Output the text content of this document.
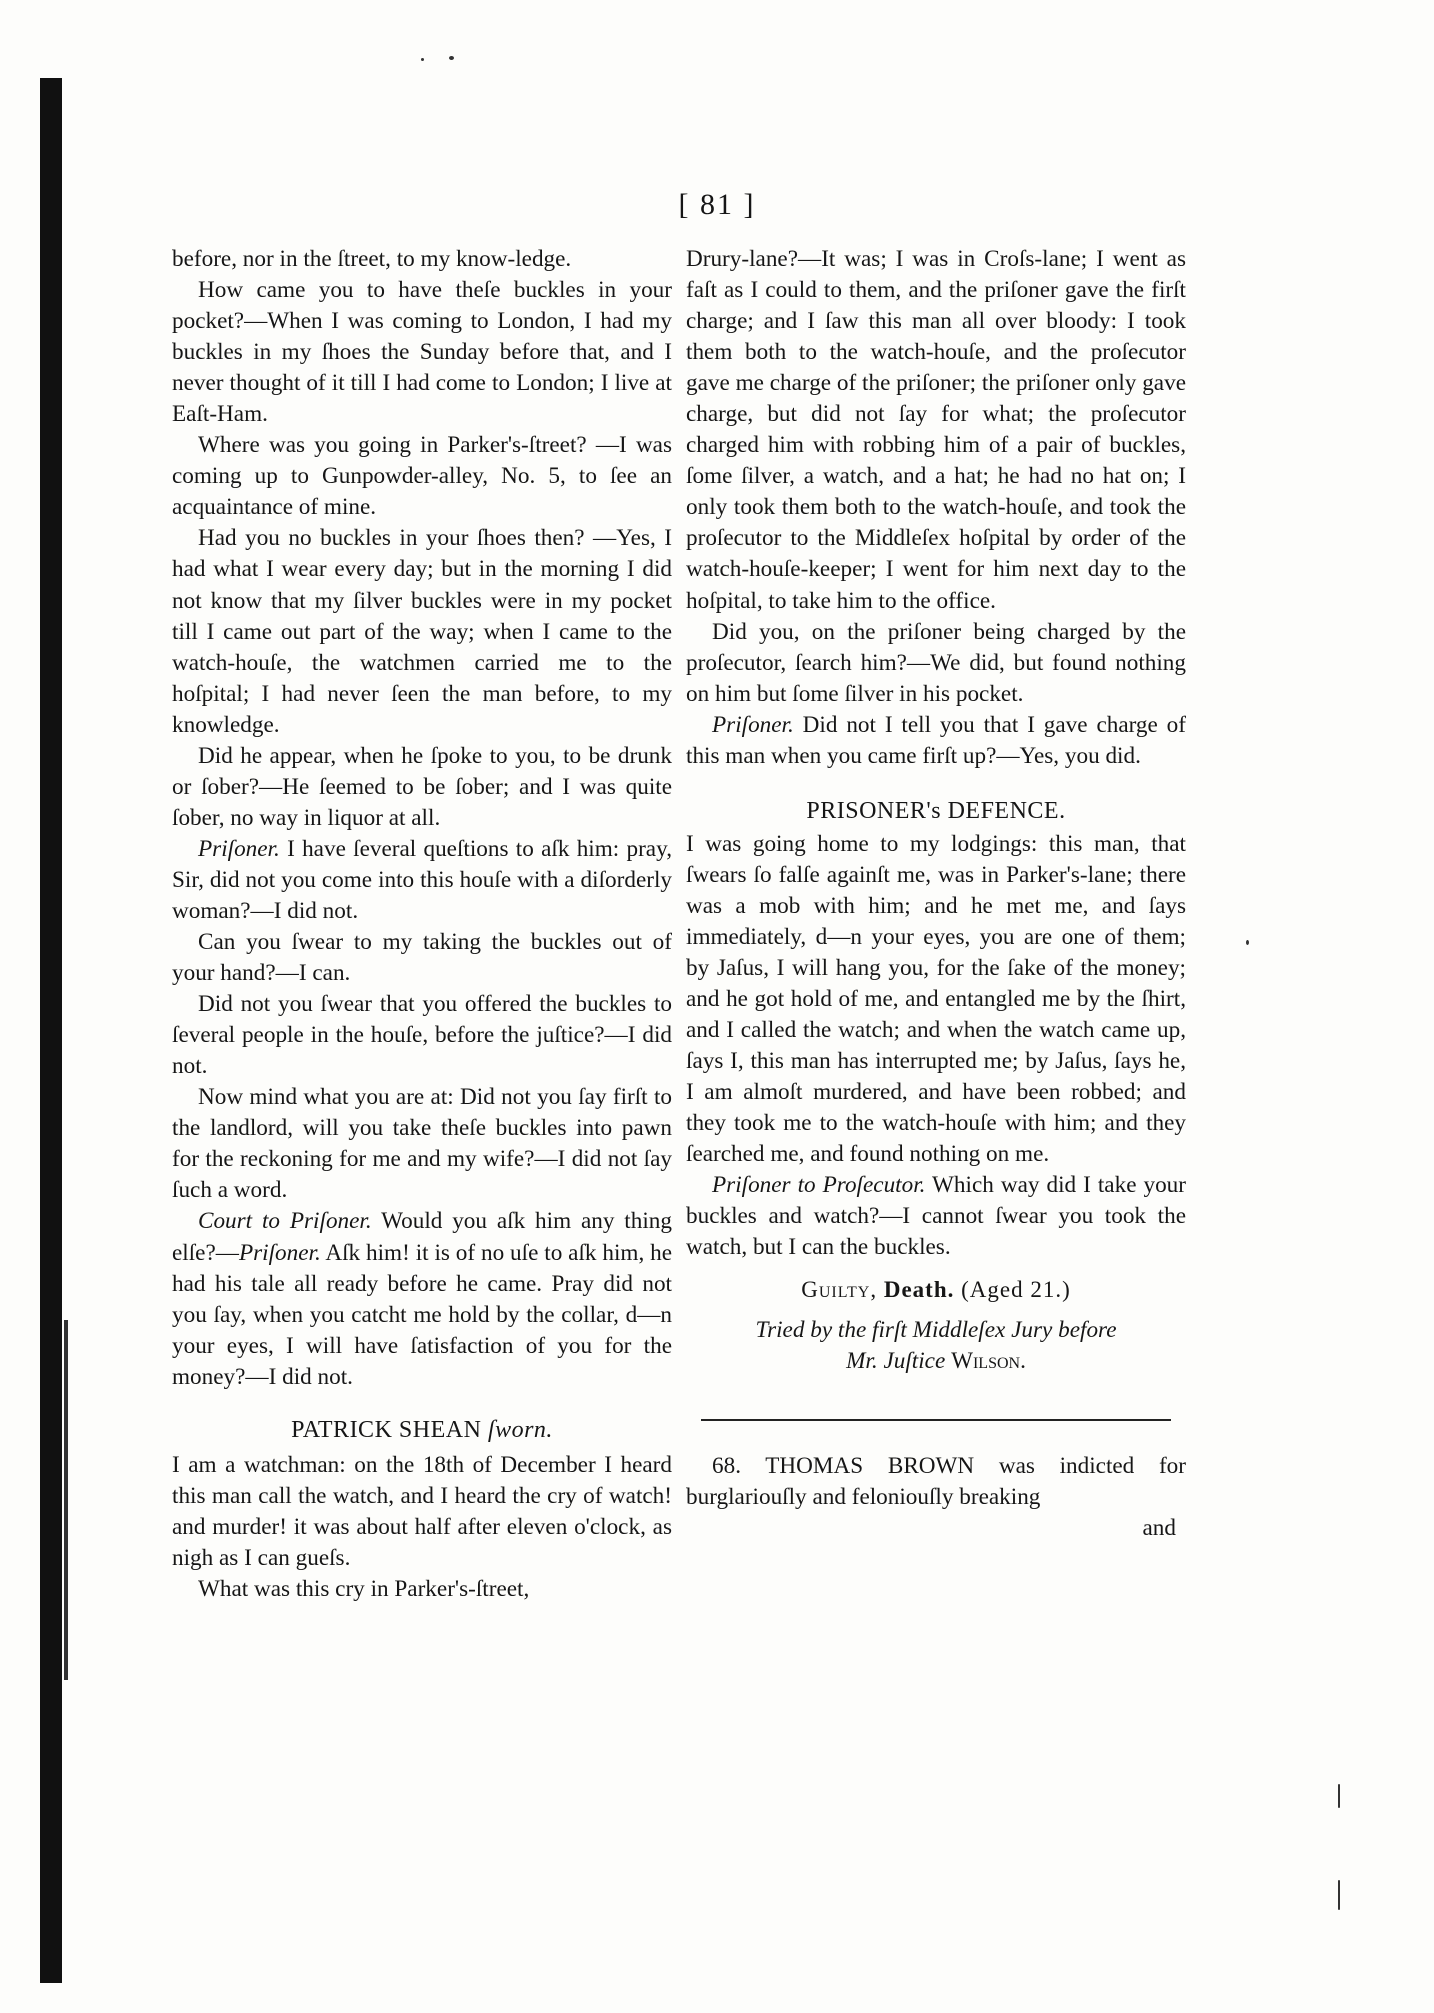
[ 81 ]

before, nor in the ſtreet, to my know-ledge.

How came you to have theſe buckles in your pocket?—When I was coming to London, I had my buckles in my ſhoes the Sunday before that, and I never thought of it till I had come to London; I live at Eaſt-Ham.

Where was you going in Parker's-ſtreet? —I was coming up to Gunpowder-alley, No. 5, to ſee an acquaintance of mine.

Had you no buckles in your ſhoes then? —Yes, I had what I wear every day; but in the morning I did not know that my ſilver buckles were in my pocket till I came out part of the way; when I came to the watch-houſe, the watchmen carried me to the hoſpital; I had never ſeen the man before, to my knowledge.

Did he appear, when he ſpoke to you, to be drunk or ſober?—He ſeemed to be ſober; and I was quite ſober, no way in liquor at all.

Priſoner. I have ſeveral queſtions to aſk him: pray, Sir, did not you come into this houſe with a diſorderly woman?—I did not.

Can you ſwear to my taking the buckles out of your hand?—I can.

Did not you ſwear that you offered the buckles to ſeveral people in the houſe, before the juſtice?—I did not.

Now mind what you are at: Did not you ſay firſt to the landlord, will you take theſe buckles into pawn for the reckoning for me and my wife?—I did not ſay ſuch a word.

Court to Priſoner. Would you aſk him any thing elſe?—Priſoner. Aſk him! it is of no uſe to aſk him, he had his tale all ready before he came. Pray did not you ſay, when you catcht me hold by the collar, d—n your eyes, I will have ſatisfaction of you for the money?—I did not.

PATRICK SHEAN ſworn.

I am a watchman: on the 18th of December I heard this man call the watch, and I heard the cry of watch! and murder! it was about half after eleven o'clock, as nigh as I can gueſs.

What was this cry in Parker's-ſtreet,

Drury-lane?—It was; I was in Croſs-lane; I went as faſt as I could to them, and the priſoner gave the firſt charge; and I ſaw this man all over bloody: I took them both to the watch-houſe, and the proſecutor gave me charge of the priſoner; the priſoner only gave charge, but did not ſay for what; the proſecutor charged him with robbing him of a pair of buckles, ſome ſilver, a watch, and a hat; he had no hat on; I only took them both to the watch-houſe, and took the proſecutor to the Middleſex hoſpital by order of the watch-houſe-keeper; I went for him next day to the hoſpital, to take him to the office.

Did you, on the priſoner being charged by the proſecutor, ſearch him?—We did, but found nothing on him but ſome ſilver in his pocket.

Priſoner. Did not I tell you that I gave charge of this man when you came firſt up?—Yes, you did.

PRISONER's DEFENCE.

I was going home to my lodgings: this man, that ſwears ſo falſe againſt me, was in Parker's-lane; there was a mob with him; and he met me, and ſays immediately, d—n your eyes, you are one of them; by Jaſus, I will hang you, for the ſake of the money; and he got hold of me, and entangled me by the ſhirt, and I called the watch; and when the watch came up, ſays I, this man has interrupted me; by Jaſus, ſays he, I am almoſt murdered, and have been robbed; and they took me to the watch-houſe with him; and they ſearched me, and found nothing on me.

Priſoner to Proſecutor. Which way did I take your buckles and watch?—I cannot ſwear you took the watch, but I can the buckles.

Guilty, Death. (Aged 21.)

Tried by the firſt Middleſex Jury before
Mr. Juſtice Wilson.

68. THOMAS BROWN was indicted for burglariouſly and feloniouſly breaking

and
